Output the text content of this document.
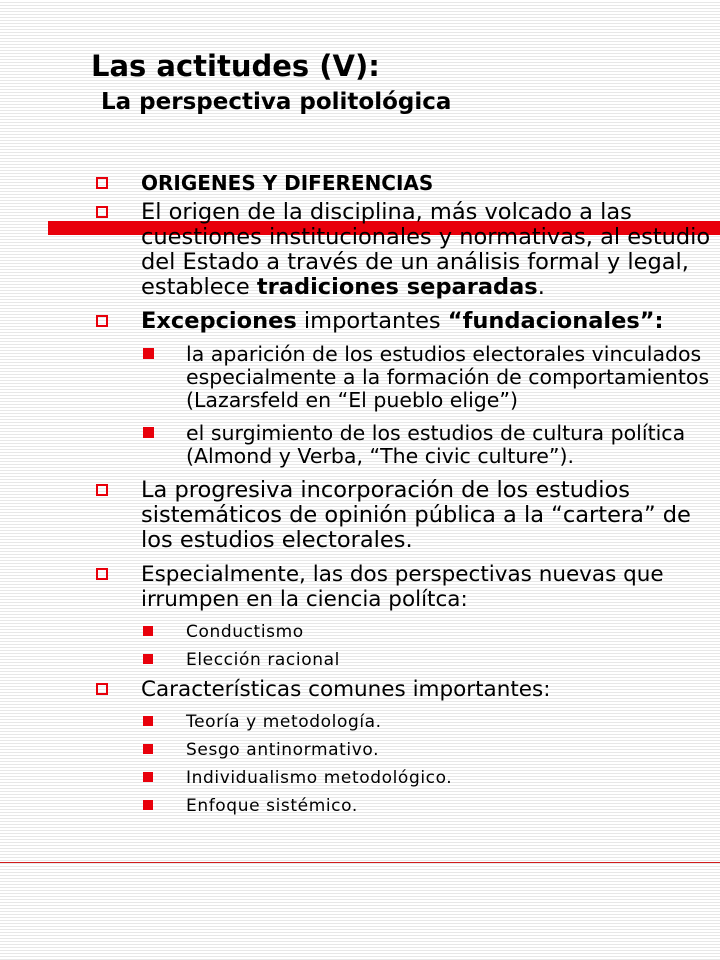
Las actitudes (V):
La perspectiva politológica
ORIGENES Y DIFERENCIAS
El origen de la disciplina, más volcado a las cuestiones institucionales y normativas, al estudio del Estado a través de un análisis formal y legal, establece tradiciones separadas.
Excepciones importantes “fundacionales”:
la aparición de los estudios electorales vinculados especialmente a la formación de comportamientos (Lazarsfeld en “El pueblo elige”)
el surgimiento de los estudios de cultura política (Almond y Verba, “The civic culture”).
La progresiva incorporación de los estudios sistemáticos de opinión pública a la “cartera” de los estudios electorales.
Especialmente, las dos perspectivas nuevas que irrumpen en la ciencia polítca:
Conductismo
Elección racional
Características comunes importantes:
Teoría y metodología.
Sesgo antinormativo.
Individualismo metodológico.
Enfoque sistémico.
